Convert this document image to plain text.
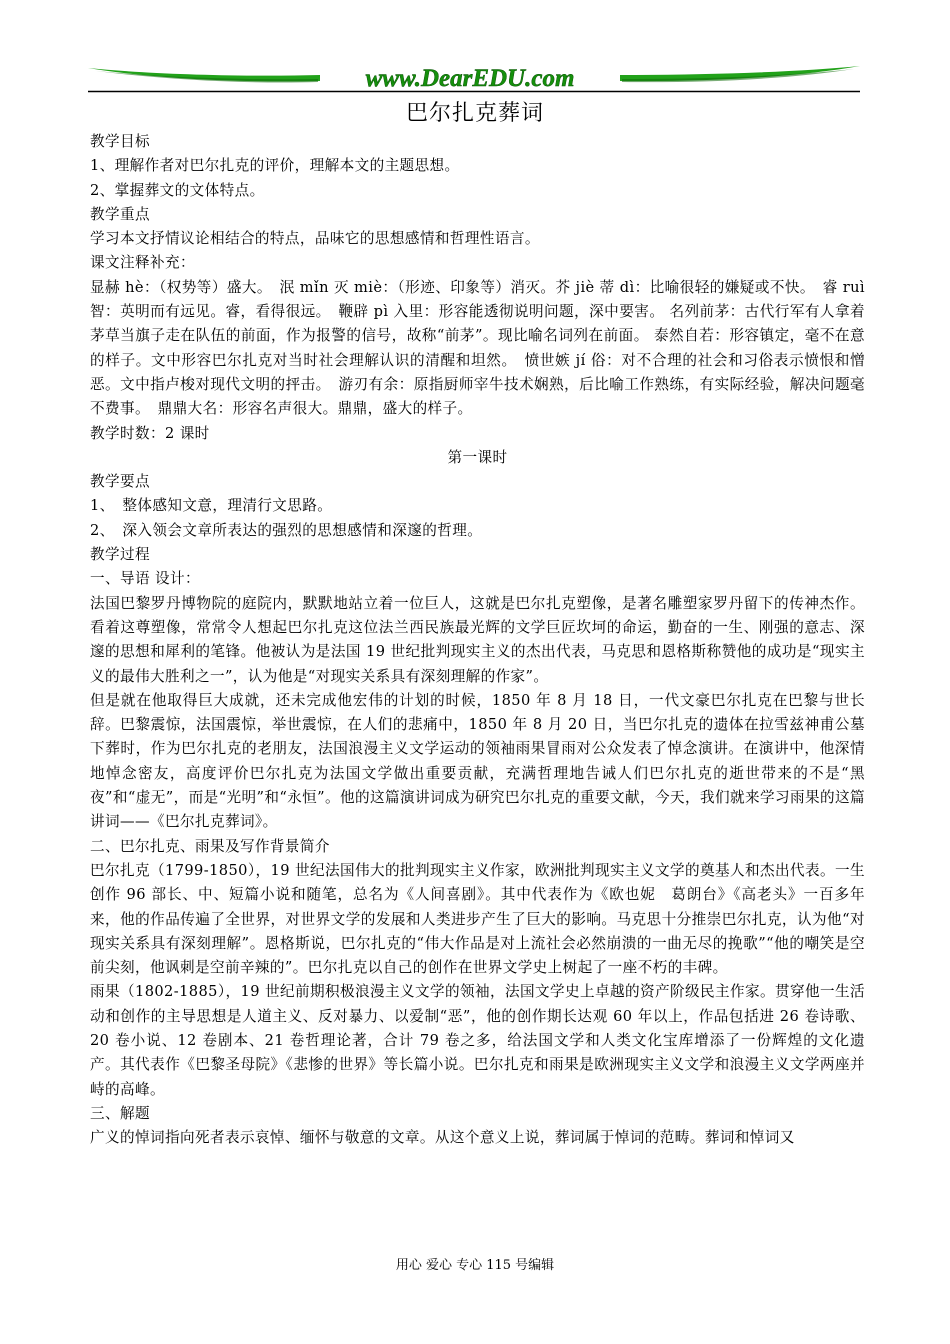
www.DearEDU.com
巴尔扎克葬词

教学目标

1、理解作者对巴尔扎克的评价，理解本文的主题思想。

2、掌握葬文的文体特点。

教学重点

学习本文抒情议论相结合的特点，品味它的思想感情和哲理性语言。

课文注释补充：

显赫 hè：（权势等）盛大。　泯 mǐn 灭 miè：（形迹、印象等）消灭。芥 jiè 蒂 dì：比喻很轻的嫌疑或不快。　睿 ruì 智：英明而有远见。睿，看得很远。　鞭辟 pì 入里：形容能透彻说明问题，深中要害。 名列前茅：古代行军有人拿着茅草当旗子走在队伍的前面，作为报警的信号，故称“前茅”。现比喻名词列在前面。 泰然自若：形容镇定，毫不在意的样子。文中形容巴尔扎克对当时社会理解认识的清醒和坦然。　愤世嫉 jí 俗：对不合理的社会和习俗表示愤恨和憎恶。文中指卢梭对现代文明的抨击。　游刃有余：原指厨师宰牛技术娴熟，后比喻工作熟练，有实际经验，解决问题毫不费事。　鼎鼎大名：形容名声很大。鼎鼎，盛大的样子。

教学时数：2 课时

第一课时

教学要点

1、　整体感知文意，理清行文思路。

2、　深入领会文章所表达的强烈的思想感情和深邃的哲理。

教学过程

一、导语 设计：

法国巴黎罗丹博物院的庭院内，默默地站立着一位巨人，这就是巴尔扎克塑像，是著名雕塑家罗丹留下的传神杰作。看着这尊塑像，常常令人想起巴尔扎克这位法兰西民族最光辉的文学巨匠坎坷的命运，勤奋的一生、刚强的意志、深邃的思想和犀利的笔锋。他被认为是法国 19 世纪批判现实主义的杰出代表，马克思和恩格斯称赞他的成功是“现实主义的最伟大胜利之一”，认为他是“对现实关系具有深刻理解的作家”。

但是就在他取得巨大成就，还未完成他宏伟的计划的时候，1850 年 8 月 18 日，一代文豪巴尔扎克在巴黎与世长辞。巴黎震惊，法国震惊，举世震惊，在人们的悲痛中，1850 年 8 月 20 日，当巴尔扎克的遗体在拉雪兹神甫公墓下葬时，作为巴尔扎克的老朋友，法国浪漫主义文学运动的领袖雨果冒雨对公众发表了悼念演讲。在演讲中，他深情地悼念密友，高度评价巴尔扎克为法国文学做出重要贡献，充满哲理地告诫人们巴尔扎克的逝世带来的不是“黑夜”和“虚无”，而是“光明”和“永恒”。他的这篇演讲词成为研究巴尔扎克的重要文献，今天，我们就来学习雨果的这篇讲词——《巴尔扎克葬词》。

二、巴尔扎克、雨果及写作背景简介

巴尔扎克（1799-1850），19 世纪法国伟大的批判现实主义作家，欧洲批判现实主义文学的奠基人和杰出代表。一生创作 96 部长、中、短篇小说和随笔，总名为《人间喜剧》。其中代表作为《欧也妮　葛朗台》《高老头》一百多年来，他的作品传遍了全世界，对世界文学的发展和人类进步产生了巨大的影响。马克思十分推崇巴尔扎克，认为他“对现实关系具有深刻理解”。恩格斯说，巴尔扎克的“伟大作品是对上流社会必然崩溃的一曲无尽的挽歌”“他的嘲笑是空前尖刻，他讽刺是空前辛辣的”。巴尔扎克以自己的创作在世界文学史上树起了一座不朽的丰碑。

雨果（1802-1885），19 世纪前期积极浪漫主义文学的领袖，法国文学史上卓越的资产阶级民主作家。贯穿他一生活动和创作的主导思想是人道主义、反对暴力、以爱制“恶”，他的创作期长达观 60 年以上，作品包括进 26 卷诗歌、20 卷小说、12 卷剧本、21 卷哲理论著，合计 79 卷之多，给法国文学和人类文化宝库增添了一份辉煌的文化遗产。其代表作《巴黎圣母院》《悲惨的世界》等长篇小说。巴尔扎克和雨果是欧洲现实主义文学和浪漫主义文学两座并峙的高峰。

三、解题

广义的悼词指向死者表示哀悼、缅怀与敬意的文章。从这个意义上说，葬词属于悼词的范畴。葬词和悼词又

用心 爱心 专心 115 号编辑
